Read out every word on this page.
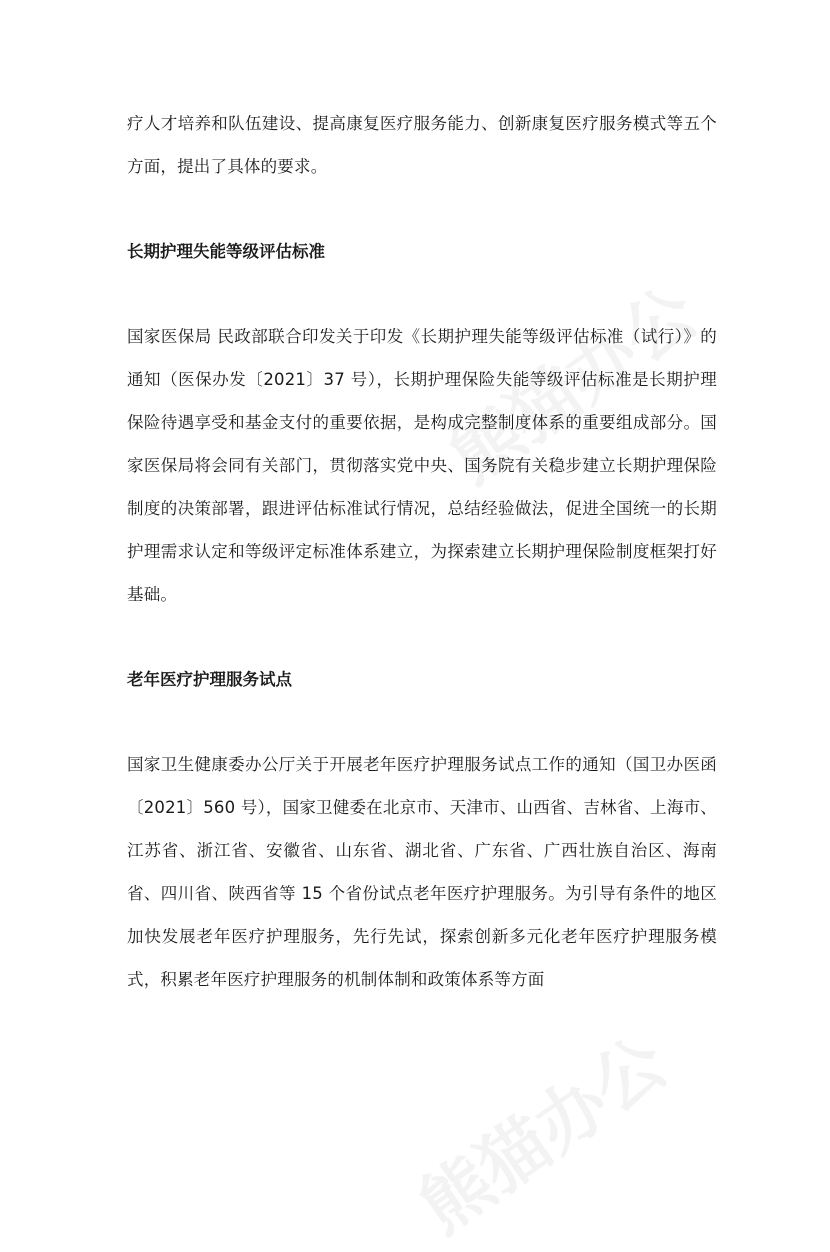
疗人才培养和队伍建设、提高康复医疗服务能力、创新康复医疗服务模式等五个方面，提出了具体的要求。

长期护理失能等级评估标准

国家医保局 民政部联合印发关于印发《长期护理失能等级评估标准（试行）》的通知（医保办发〔2021〕37 号），长期护理保险失能等级评估标准是长期护理保险待遇享受和基金支付的重要依据，是构成完整制度体系的重要组成部分。国家医保局将会同有关部门，贯彻落实党中央、国务院有关稳步建立长期护理保险制度的决策部署，跟进评估标准试行情况，总结经验做法，促进全国统一的长期护理需求认定和等级评定标准体系建立，为探索建立长期护理保险制度框架打好基础。

老年医疗护理服务试点

国家卫生健康委办公厅关于开展老年医疗护理服务试点工作的通知（国卫办医函〔2021〕560 号），国家卫健委在北京市、天津市、山西省、吉林省、上海市、江苏省、浙江省、安徽省、山东省、湖北省、广东省、广西壮族自治区、海南省、四川省、陕西省等 15 个省份试点老年医疗护理服务。为引导有条件的地区加快发展老年医疗护理服务，先行先试，探索创新多元化老年医疗护理服务模式，积累老年医疗护理服务的机制体制和政策体系等方面
